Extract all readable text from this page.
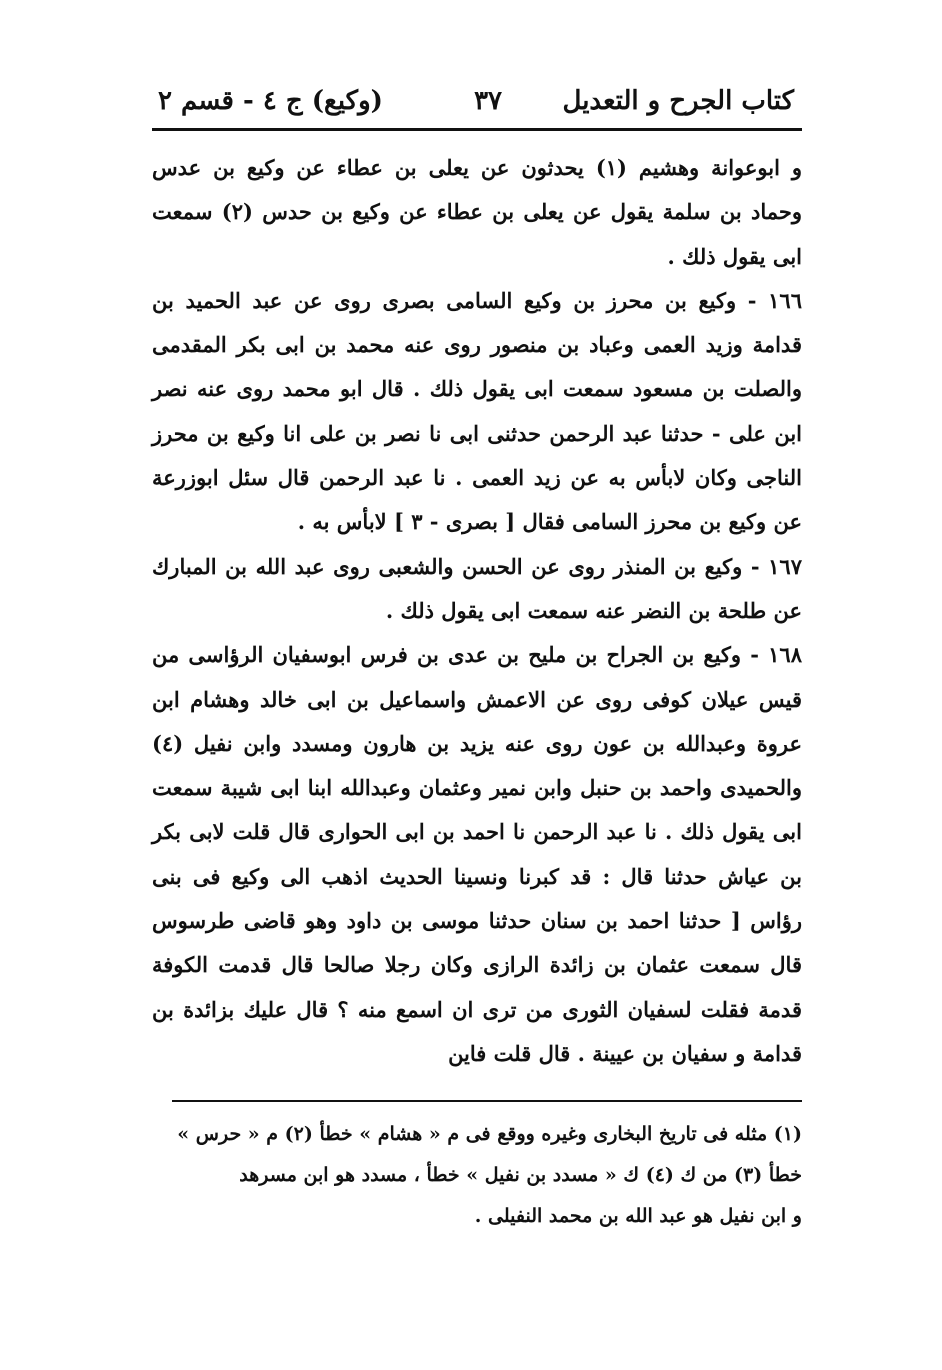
كتاب الجرح و التعديل
٣٧
(وكيع) ج ٤ - قسم ٢

و ابوعوانة وهشيم (١) يحدثون عن يعلى بن عطاء عن وكيع بن عدس وحماد بن سلمة يقول عن يعلى بن عطاء عن وكيع بن حدس (٢) سمعت ابى يقول ذلك .

١٦٦ - وكيع بن محرز بن وكيع السامى بصرى روى عن عبد الحميد بن قدامة وزيد العمى وعباد بن منصور روى عنه محمد بن ابى بكر المقدمى والصلت بن مسعود سمعت ابى يقول ذلك . قال ابو محمد روى عنه نصر ابن على - حدثنا عبد الرحمن حدثنى ابى نا نصر بن على انا وكيع بن محرز الناجى وكان لابأس به عن زيد العمى . نا عبد الرحمن قال سئل ابوزرعة عن وكيع بن محرز السامى فقال [ بصرى - ٣ ] لابأس به .

١٦٧ - وكيع بن المنذر روى عن الحسن والشعبى روى عبد الله بن المبارك عن طلحة بن النضر عنه سمعت ابى يقول ذلك .

١٦٨ - وكيع بن الجراح بن مليح بن عدى بن فرس ابوسفيان الرؤاسى من قيس عيلان كوفى روى عن الاعمش واسماعيل بن ابى خالد وهشام ابن عروة وعبدالله بن عون روى عنه يزيد بن هارون ومسدد وابن نفيل (٤) والحميدى واحمد بن حنبل وابن نمير وعثمان وعبدالله ابنا ابى شيبة سمعت ابى يقول ذلك . نا عبد الرحمن نا احمد بن ابى الحوارى قال قلت لابى بكر بن عياش حدثنا قال : قد كبرنا ونسينا الحديث اذهب الى وكيع فى بنى رؤاس [ حدثنا احمد بن سنان حدثنا موسى بن داود وهو قاضى طرسوس قال سمعت عثمان بن زائدة الرازى وكان رجلا صالحا قال قدمت الكوفة قدمة فقلت لسفيان الثورى من ترى ان اسمع منه ؟ قال عليك بزائدة بن قدامة و سفيان بن عيينة . قال قلت فاين

(١) مثله فى تاريخ البخارى وغيره ووقع فى م « هشام » خطأ (٢) م « حرس »
خطأ (٣) من ك (٤) ك « مسدد بن نفيل » خطأ ، مسدد هو ابن مسرهد
و ابن نفيل هو عبد الله بن محمد النفيلى .
